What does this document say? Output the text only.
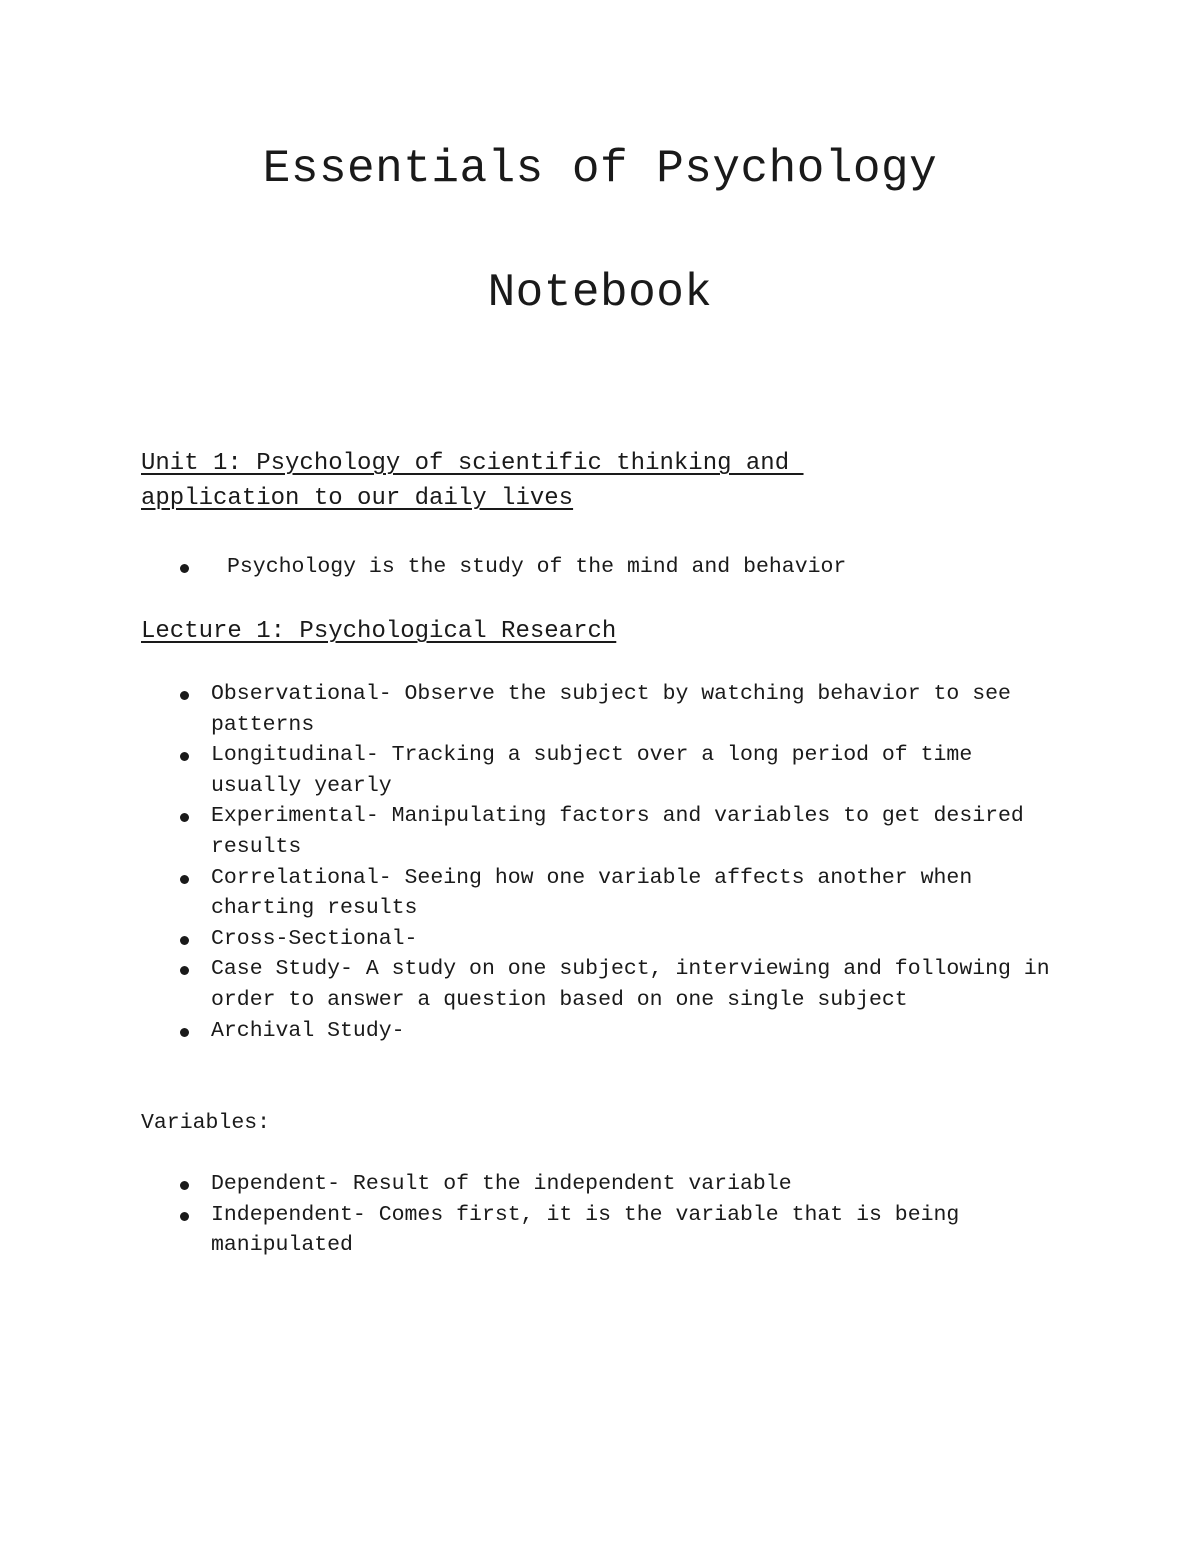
Essentials of Psychology
Notebook
Unit 1: Psychology of scientific thinking and
application to our daily lives
Psychology is the study of the mind and behavior
Lecture 1: Psychological Research
Observational- Observe the subject by watching behavior to see patterns
Longitudinal- Tracking a subject over a long period of time usually yearly
Experimental- Manipulating factors and variables to get desired results
Correlational- Seeing how one variable affects another when charting results
Cross-Sectional-
Case Study- A study on one subject, interviewing and following in order to answer a question based on one single subject
Archival Study-

Variables:

Dependent- Result of the independent variable
Independent- Comes first, it is the variable that is being manipulated
